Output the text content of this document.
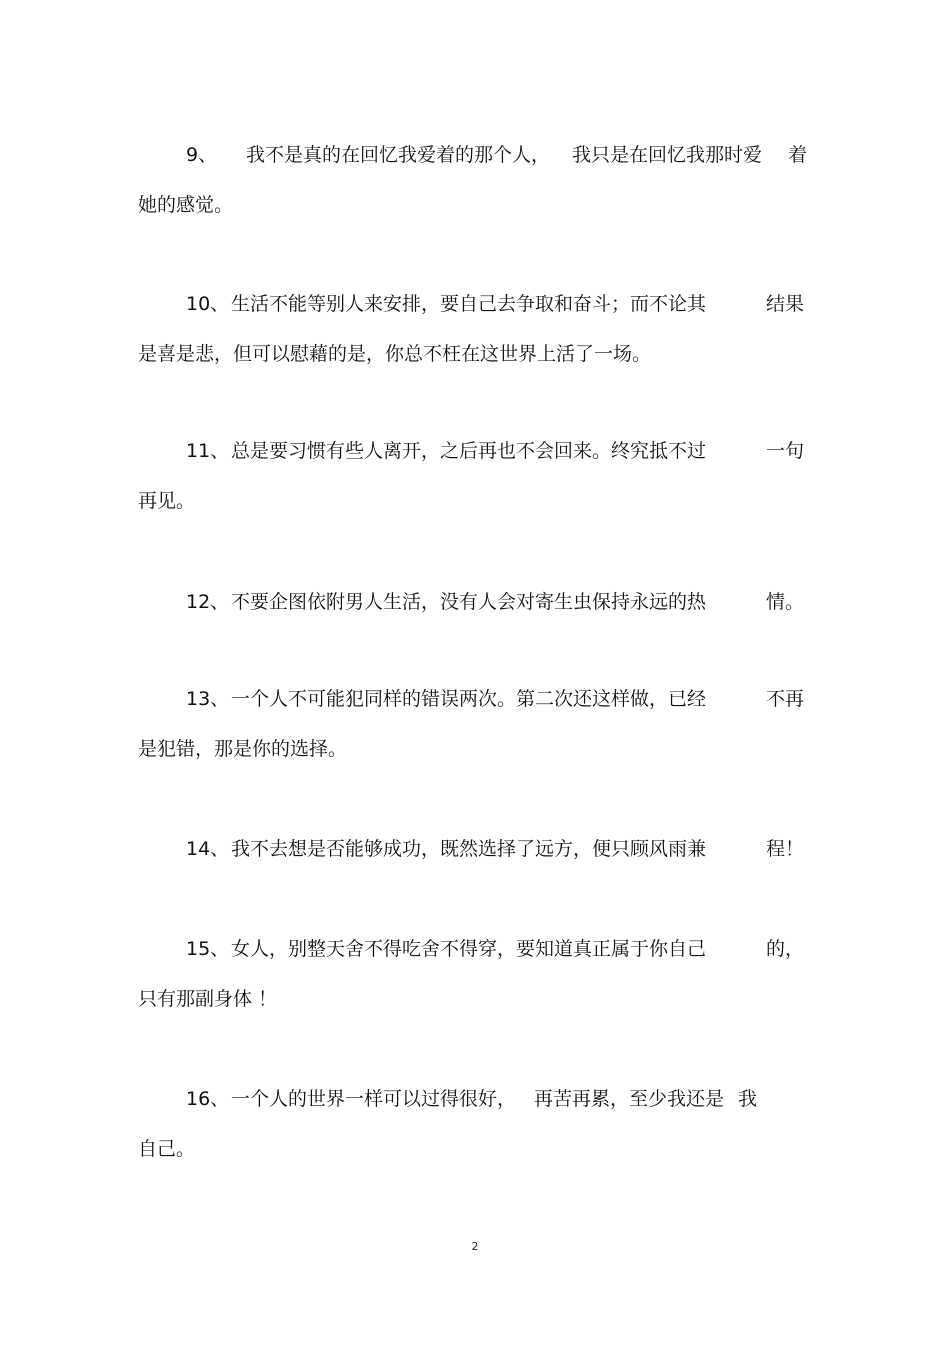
9、 我不是真的在回忆我爱着的那个人， 我只是在回忆我那时爱 着
她的感觉。
10、 生活不能等别人来安排，要自己去争取和奋斗；而不论其	结果
是喜是悲，但可以慰藉的是，你总不枉在这世界上活了一场。
11、 总是要习惯有些人离开，之后再也不会回来。终究抵不过	一句
再见。
12、 不要企图依附男人生活，没有人会对寄生虫保持永远的热	情。
13、 一个人不可能犯同样的错误两次。第二次还这样做，已经	不再
是犯错，那是你的选择。
14、 我不去想是否能够成功，既然选择了远方，便只顾风雨兼	程！
15、 女人，别整天舍不得吃舍不得穿，要知道真正属于你自己	的，
只有那副身体 ！
16、 一个人的世界一样可以过得很好， 再苦再累，至少我还是 我
自己。
2
